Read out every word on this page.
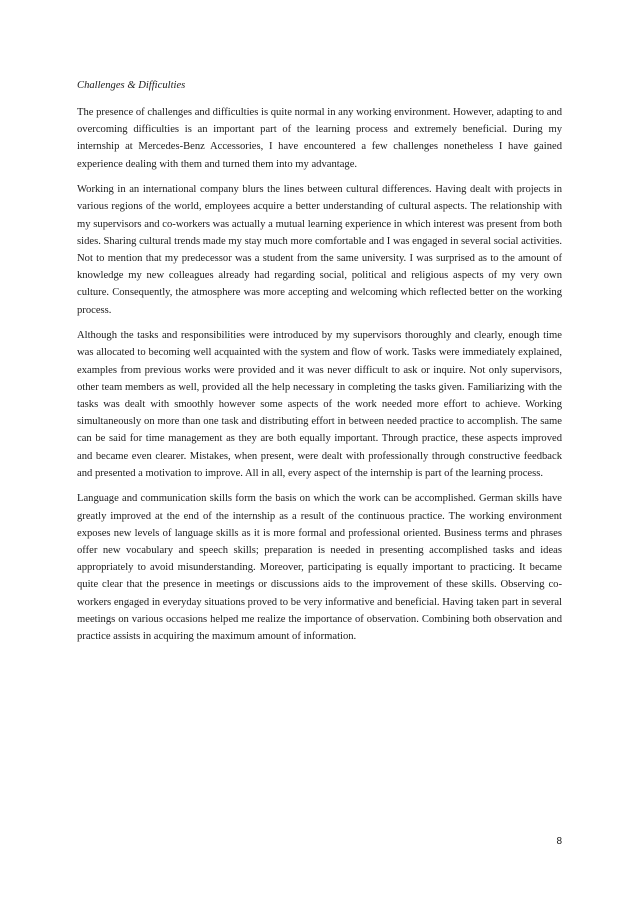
Challenges & Difficulties

The presence of challenges and difficulties is quite normal in any working environment. However, adapting to and overcoming difficulties is an important part of the learning process and extremely beneficial. During my internship at Mercedes-Benz Accessories, I have encountered a few challenges nonetheless I have gained experience dealing with them and turned them into my advantage.

Working in an international company blurs the lines between cultural differences. Having dealt with projects in various regions of the world, employees acquire a better understanding of cultural aspects. The relationship with my supervisors and co-workers was actually a mutual learning experience in which interest was present from both sides. Sharing cultural trends made my stay much more comfortable and I was engaged in several social activities. Not to mention that my predecessor was a student from the same university. I was surprised as to the amount of knowledge my new colleagues already had regarding social, political and religious aspects of my very own culture. Consequently, the atmosphere was more accepting and welcoming which reflected better on the working process.

Although the tasks and responsibilities were introduced by my supervisors thoroughly and clearly, enough time was allocated to becoming well acquainted with the system and flow of work. Tasks were immediately explained, examples from previous works were provided and it was never difficult to ask or inquire. Not only supervisors, other team members as well, provided all the help necessary in completing the tasks given. Familiarizing with the tasks was dealt with smoothly however some aspects of the work needed more effort to achieve. Working simultaneously on more than one task and distributing effort in between needed practice to accomplish. The same can be said for time management as they are both equally important. Through practice, these aspects improved and became even clearer. Mistakes, when present, were dealt with professionally through constructive feedback and presented a motivation to improve. All in all, every aspect of the internship is part of the learning process.

Language and communication skills form the basis on which the work can be accomplished. German skills have greatly improved at the end of the internship as a result of the continuous practice. The working environment exposes new levels of language skills as it is more formal and professional oriented. Business terms and phrases offer new vocabulary and speech skills; preparation is needed in presenting accomplished tasks and ideas appropriately to avoid misunderstanding. Moreover, participating is equally important to practicing. It became quite clear that the presence in meetings or discussions aids to the improvement of these skills. Observing co-workers engaged in everyday situations proved to be very informative and beneficial. Having taken part in several meetings on various occasions helped me realize the importance of observation. Combining both observation and practice assists in acquiring the maximum amount of information.

8
